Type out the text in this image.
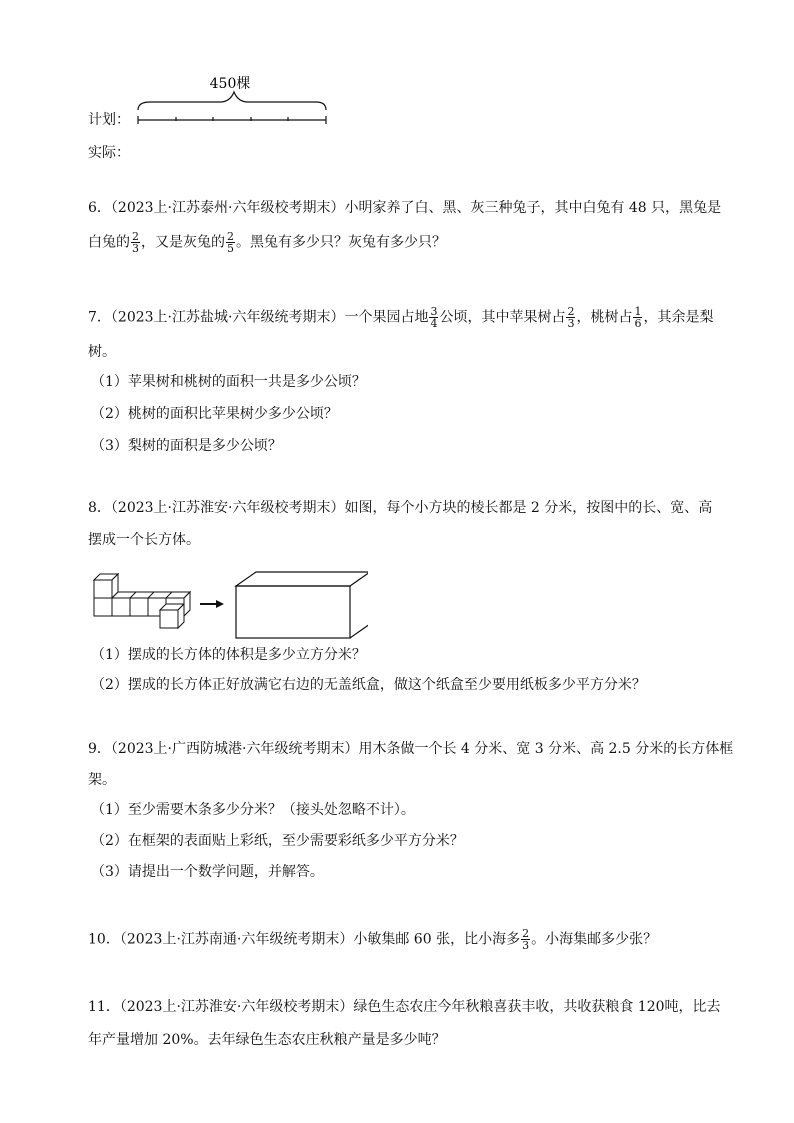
450棵
计划：
实际：
6．（2023上·江苏泰州·六年级校考期末）小明家养了白、黑、灰三种兔子，其中白兔有 48 只，黑兔是
白兔的 $\frac{2}{3}$ ，又是灰兔的 $\frac{2}{5}$ 。黑兔有多少只？灰兔有多少只？
7．（2023上·江苏盐城·六年级统考期末）一个果园占地 $\frac{3}{4}$ 公顷，其中苹果树占 $\frac{2}{3}$ ，桃树占 $\frac{1}{6}$ ，其余是梨
树。
（1）苹果树和桃树的面积一共是多少公顷？
（2）桃树的面积比苹果树少多少公顷？
（3）梨树的面积是多少公顷？
8．（2023上·江苏淮安·六年级校考期末）如图，每个小方块的棱长都是 2 分米，按图中的长、宽、高
摆成一个长方体。
（1）摆成的长方体的体积是多少立方分米？
（2）摆成的长方体正好放满它右边的无盖纸盒，做这个纸盒至少要用纸板多少平方分米？
9．（2023上·广西防城港·六年级统考期末）用木条做一个长 4 分米、宽 3 分米、高 2.5 分米的长方体框
架。
（1）至少需要木条多少分米？（接头处忽略不计）。
（2）在框架的表面贴上彩纸，至少需要彩纸多少平方分米？
（3）请提出一个数学问题，并解答。
10．（2023上·江苏南通·六年级统考期末）小敏集邮 60 张，比小海多 $\frac{2}{3}$ 。小海集邮多少张？
11．（2023上·江苏淮安·六年级校考期末）绿色生态农庄今年秋粮喜获丰收，共收获粮食 120吨，比去
年产量增加 20%。去年绿色生态农庄秋粮产量是多少吨？
